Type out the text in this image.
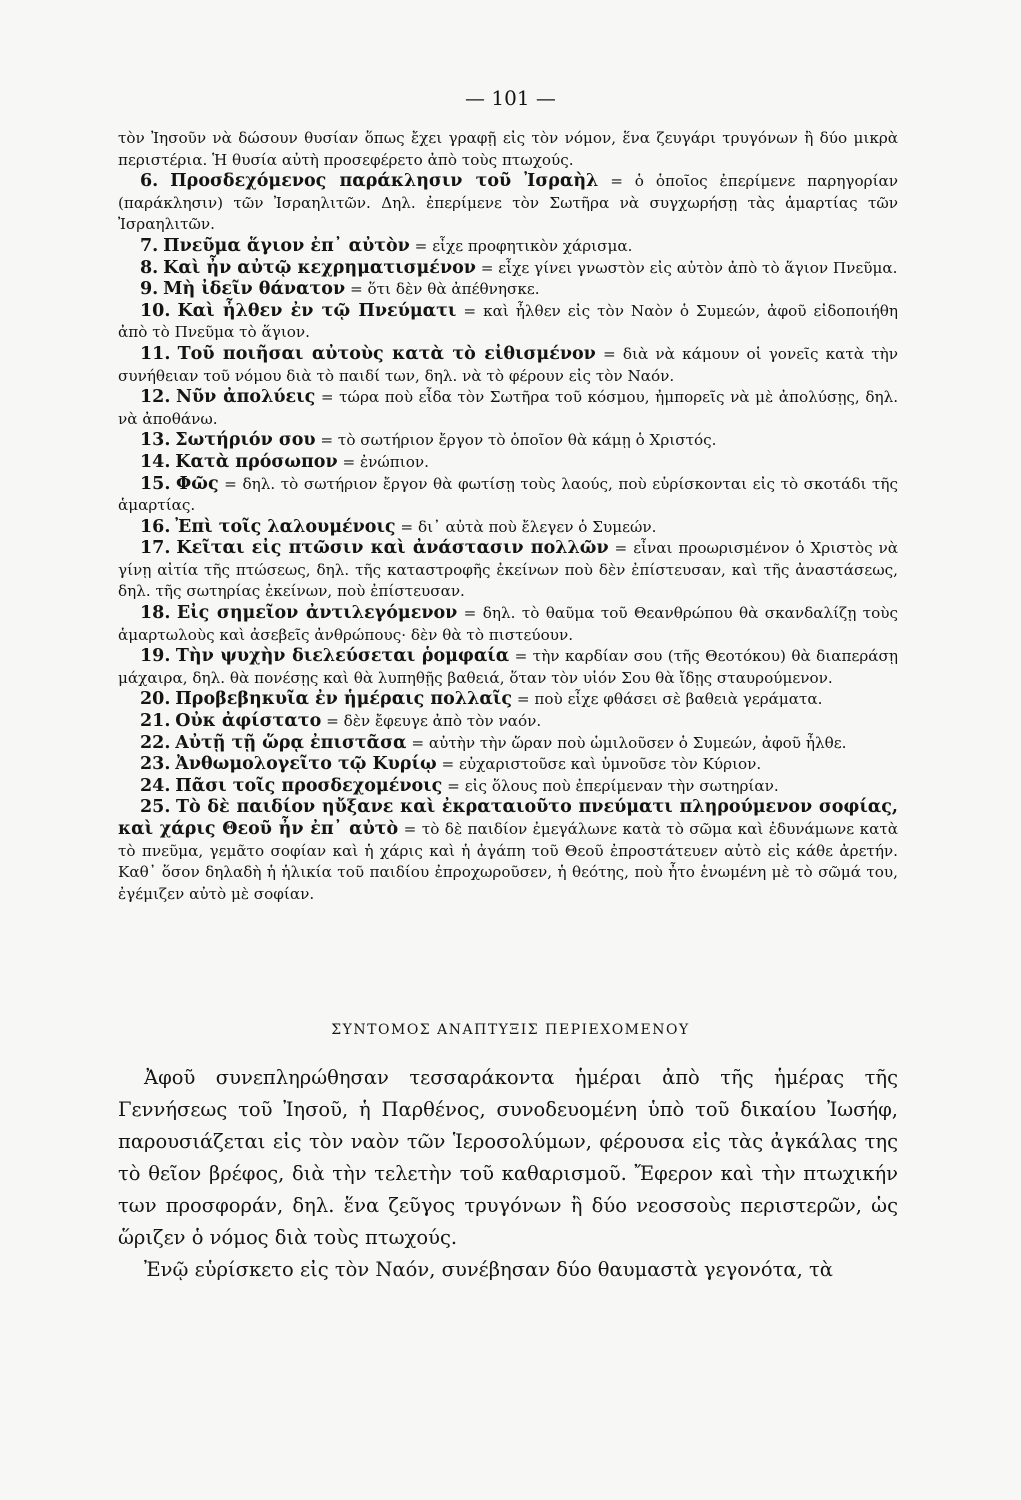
— 101 —

τὸν Ἰησοῦν νὰ δώσουν θυσίαν ὅπως ἔχει γραφῇ εἰς τὸν νόμον, ἕνα ζευγάρι τρυγόνων ἢ δύο μικρὰ περιστέρια. Ἡ θυσία αὐτὴ προσεφέρετο ἀπὸ τοὺς πτωχούς.

6. Προσδεχόμενος παράκλησιν τοῦ Ἰσραὴλ = ὁ ὁποῖος ἐπερίμενε παρηγορίαν (παράκλησιν) τῶν Ἰσραηλιτῶν. Δηλ. ἐπερίμενε τὸν Σωτῆρα νὰ συγχωρήσῃ τὰς ἁμαρτίας τῶν Ἰσραηλιτῶν.

7. Πνεῦμα ἅγιον ἐπ᾽ αὐτὸν = εἶχε προφητικὸν χάρισμα.

8. Καὶ ἦν αὐτῷ κεχρηματισμένον = εἶχε γίνει γνωστὸν εἰς αὐτὸν ἀπὸ τὸ ἅγιον Πνεῦμα.

9. Μὴ ἰδεῖν θάνατον = ὅτι δὲν θὰ ἀπέθνησκε.

10. Καὶ ἦλθεν ἐν τῷ Πνεύματι = καὶ ἦλθεν εἰς τὸν Ναὸν ὁ Συμεών, ἀφοῦ εἰδοποιήθη ἀπὸ τὸ Πνεῦμα τὸ ἅγιον.

11. Τοῦ ποιῆσαι αὐτοὺς κατὰ τὸ εἰθισμένον = διὰ νὰ κάμουν οἱ γονεῖς κατὰ τὴν συνήθειαν τοῦ νόμου διὰ τὸ παιδί των, δηλ. νὰ τὸ φέρουν εἰς τὸν Ναόν.

12. Νῦν ἀπολύεις = τώρα ποὺ εἶδα τὸν Σωτῆρα τοῦ κόσμου, ἠμπορεῖς νὰ μὲ ἀπολύσῃς, δηλ. νὰ ἀποθάνω.

13. Σωτήριόν σου = τὸ σωτήριον ἔργον τὸ ὁποῖον θὰ κάμῃ ὁ Χριστός.

14. Κατὰ πρόσωπον = ἐνώπιον.

15. Φῶς = δηλ. τὸ σωτήριον ἔργον θὰ φωτίσῃ τοὺς λαούς, ποὺ εὑρίσκονται εἰς τὸ σκοτάδι τῆς ἁμαρτίας.

16. Ἐπὶ τοῖς λαλουμένοις = δι᾽ αὐτὰ ποὺ ἔλεγεν ὁ Συμεών.

17. Κεῖται εἰς πτῶσιν καὶ ἀνάστασιν πολλῶν = εἶναι προωρισμένον ὁ Χριστὸς νὰ γίνῃ αἰτία τῆς πτώσεως, δηλ. τῆς καταστροφῆς ἐκείνων ποὺ δὲν ἐπίστευσαν, καὶ τῆς ἀναστάσεως, δηλ. τῆς σωτηρίας ἐκείνων, ποὺ ἐπίστευσαν.

18. Εἰς σημεῖον ἀντιλεγόμενον = δηλ. τὸ θαῦμα τοῦ Θεανθρώπου θὰ σκανδαλίζῃ τοὺς ἁμαρτωλοὺς καὶ ἀσεβεῖς ἀνθρώπους· δὲν θὰ τὸ πιστεύουν.

19. Τὴν ψυχὴν διελεύσεται ῥομφαία = τὴν καρδίαν σου (τῆς Θεοτόκου) θὰ διαπεράσῃ μάχαιρα, δηλ. θὰ πονέσῃς καὶ θὰ λυπηθῇς βαθειά, ὅταν τὸν υἱόν Σου θὰ ἴδῃς σταυρούμενον.

20. Προβεβηκυῖα ἐν ἡμέραις πολλαῖς = ποὺ εἶχε φθάσει σὲ βαθειὰ γεράματα.

21. Οὐκ ἀφίστατο = δὲν ἔφευγε ἀπὸ τὸν ναόν.

22. Αὐτῇ τῇ ὥρᾳ ἐπιστᾶσα = αὐτὴν τὴν ὥραν ποὺ ὡμιλοῦσεν ὁ Συμεών, ἀφοῦ ἦλθε.

23. Ἀνθωμολογεῖτο τῷ Κυρίῳ = εὐχαριστοῦσε καὶ ὑμνοῦσε τὸν Κύριον.

24. Πᾶσι τοῖς προσδεχομένοις = εἰς ὅλους ποὺ ἐπερίμεναν τὴν σωτηρίαν.

25. Τὸ δὲ παιδίον ηὔξανε καὶ ἐκραταιοῦτο πνεύματι πληρούμενον σοφίας, καὶ χάρις Θεοῦ ἦν ἐπ᾽ αὐτὸ = τὸ δὲ παιδίον ἐμεγάλωνε κατὰ τὸ σῶμα καὶ ἐδυνάμωνε κατὰ τὸ πνεῦμα, γεμᾶτο σοφίαν καὶ ἡ χάρις καὶ ἡ ἀγάπη τοῦ Θεοῦ ἐπροστάτευεν αὐτὸ εἰς κάθε ἀρετήν. Καθ᾽ ὅσον δηλαδὴ ἡ ἡλικία τοῦ παιδίου ἐπροχωροῦσεν, ἡ θεότης, ποὺ ἦτο ἑνωμένη μὲ τὸ σῶμά του, ἐγέμιζεν αὐτὸ μὲ σοφίαν.

ΣΥΝΤΟΜΟΣ ΑΝΑΠΤΥΞΙΣ ΠΕΡΙΕΧΟΜΕΝΟΥ

Ἀφοῦ συνεπληρώθησαν τεσσαράκοντα ἡμέραι ἀπὸ τῆς ἡμέρας τῆς Γεννήσεως τοῦ Ἰησοῦ, ἡ Παρθένος, συνοδευομένη ὑπὸ τοῦ δικαίου Ἰωσήφ, παρουσιάζεται εἰς τὸν ναὸν τῶν Ἱεροσολύμων, φέρουσα εἰς τὰς ἀγκάλας της τὸ θεῖον βρέφος, διὰ τὴν τελετὴν τοῦ καθαρισμοῦ. Ἔφερον καὶ τὴν πτωχικήν των προσφοράν, δηλ. ἕνα ζεῦγος τρυγόνων ἢ δύο νεοσσοὺς περιστερῶν, ὡς ὥριζεν ὁ νόμος διὰ τοὺς πτωχούς.

Ἐνῷ εὑρίσκετο εἰς τὸν Ναόν, συνέβησαν δύο θαυμαστὰ γεγονότα, τὰ
